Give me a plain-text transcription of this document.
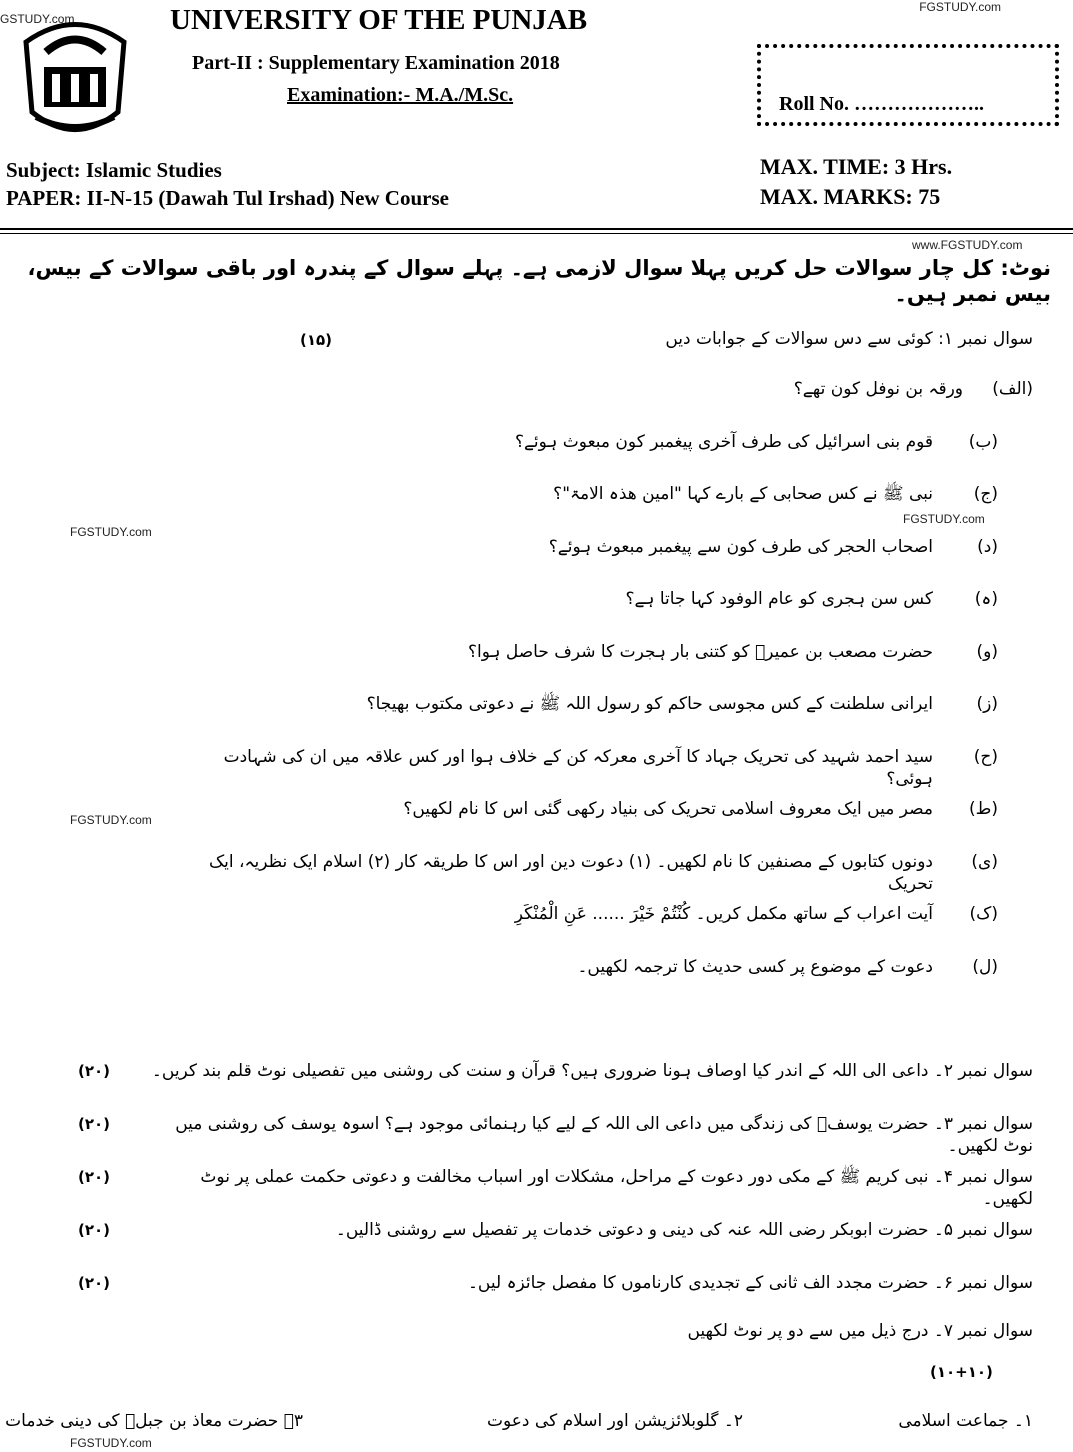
FGSTUDY.com
GSTUDY.com	UNIVERSITY OF THE PUNJAB
Part-II : Supplementary Examination 2018
Examination:- M.A./M.Sc.	Roll No. ………………..
Subject: Islamic Studies
PAPER: II-N-15 (Dawah Tul Irshad) New Course
MAX. TIME: 3 Hrs.
MAX. MARKS: 75
www.FGSTUDY.com
نوٹ: کل چار سوالات حل کریں پہلا سوال لازمی ہے۔ پہلے سوال کے پندرہ اور باقی سوالات کے بیس، بیس نمبر ہیں۔
سوال نمبر ۱: کوئی سے دس سوالات کے جوابات دیں
(۱۵)
(الف)
ورقہ بن نوفل کون تھے؟
(ب)
قوم بنی اسرائیل کی طرف آخری پیغمبر کون مبعوث ہوئے؟
(ج)
نبی ﷺ نے کس صحابی کے بارے کہا "امین ھذہ الامۃ"؟
(د)
اصحاب الحجر کی طرف کون سے پیغمبر مبعوث ہوئے؟
(ہ)
کس سن ہجری کو عام الوفود کہا جاتا ہے؟
(و)
حضرت مصعب بن عمیرؓ کو کتنی بار ہجرت کا شرف حاصل ہوا؟
(ز)
ایرانی سلطنت کے کس مجوسی حاکم کو رسول اللہ ﷺ نے دعوتی مکتوب بھیجا؟
(ح)
سید احمد شہید کی تحریک جہاد کا آخری معرکہ کن کے خلاف ہوا اور کس علاقہ میں ان کی شہادت ہوئی؟
(ط)
مصر میں ایک معروف اسلامی تحریک کی بنیاد رکھی گئی اس کا نام لکھیں؟
(ی)
دونوں کتابوں کے مصنفین کا نام لکھیں۔ (۱) دعوت دین اور اس کا طریقہ کار (۲) اسلام ایک نظریہ، ایک تحریک
(ک)
آیت اعراب کے ساتھ مکمل کریں۔ كُنْتُمْ خَيْرَ ...... عَنِ الْمُنْكَرِ
(ل)
دعوت کے موضوع پر کسی حدیث کا ترجمہ لکھیں۔
FGSTUDY.com
FGSTUDY.com
FGSTUDY.com
سوال نمبر ۲۔ داعی الی اللہ کے اندر کیا اوصاف ہونا ضروری ہیں؟ قرآن و سنت کی روشنی میں تفصیلی نوٹ قلم بند کریں۔
(۲۰)
سوال نمبر ۳۔ حضرت یوسفؑ کی زندگی میں داعی الی اللہ کے لیے کیا رہنمائی موجود ہے؟ اسوہ یوسف کی روشنی میں نوٹ لکھیں۔
(۲۰)
سوال نمبر ۴۔ نبی کریم ﷺ کے مکی دور دعوت کے مراحل، مشکلات اور اسباب مخالفت و دعوتی حکمت عملی پر نوٹ لکھیں۔
(۲۰)
سوال نمبر ۵۔ حضرت ابوبکر رضی اللہ عنہ کی دینی و دعوتی خدمات پر تفصیل سے روشنی ڈالیں۔
(۲۰)
سوال نمبر ۶۔ حضرت مجدد الف ثانی کے تجدیدی کارناموں کا مفصل جائزہ لیں۔
(۲۰)
سوال نمبر ۷۔ درج ذیل میں سے دو پر نوٹ لکھیں
(۱۰+۱۰)
۱۔ جماعت اسلامی
۲۔ گلوبلائزیشن اور اسلام کی دعوت
۳۔ حضرت معاذ بن جبلؓ کی دینی خدمات
FGSTUDY.com
